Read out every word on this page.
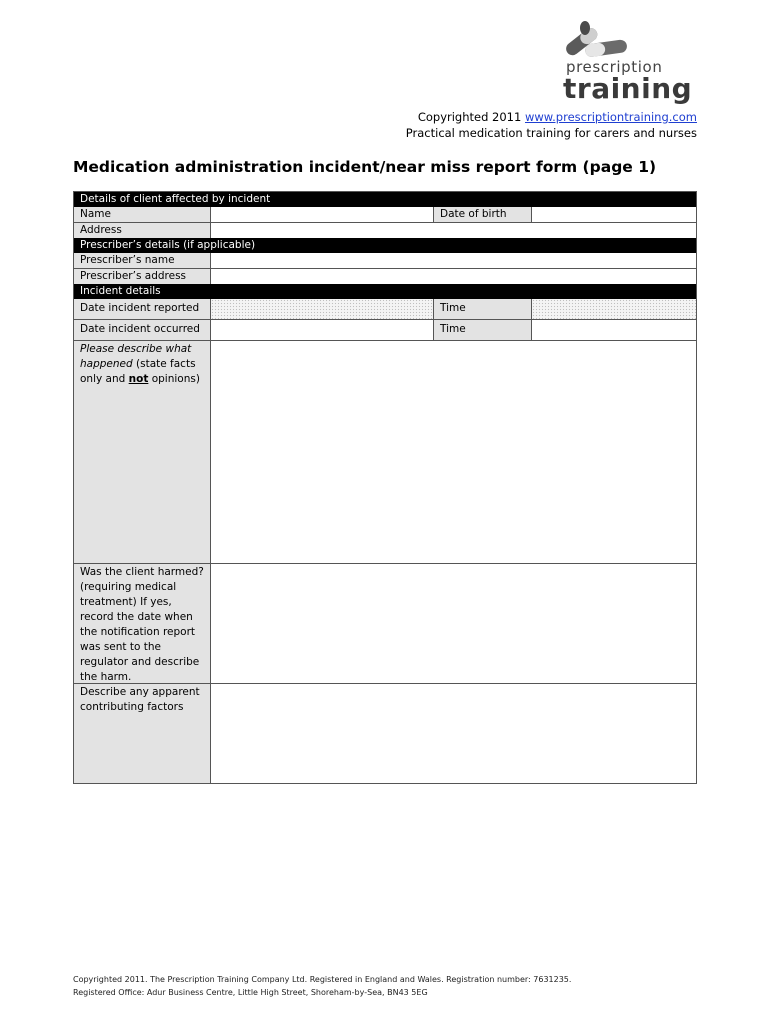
prescription
training
Copyrighted 2011 www.prescriptiontraining.com
Practical medication training for carers and nurses
Medication administration incident/near miss report form (page 1)
Details of client affected by incident
Name	Date of birth
Address
Prescriber’s details (if applicable)
Prescriber’s name
Prescriber’s address
Incident details
Date incident reported	Time
Date incident occurred	Time
Please describe what happened (state facts only and not opinions)
Was the client harmed? (requiring medical treatment) If yes, record the date when the notification report was sent to the regulator and describe the harm.
Describe any apparent contributing factors
Copyrighted 2011. The Prescription Training Company Ltd. Registered in England and Wales. Registration number: 7631235.
Registered Office: Adur Business Centre, Little High Street, Shoreham-by-Sea, BN43 5EG
